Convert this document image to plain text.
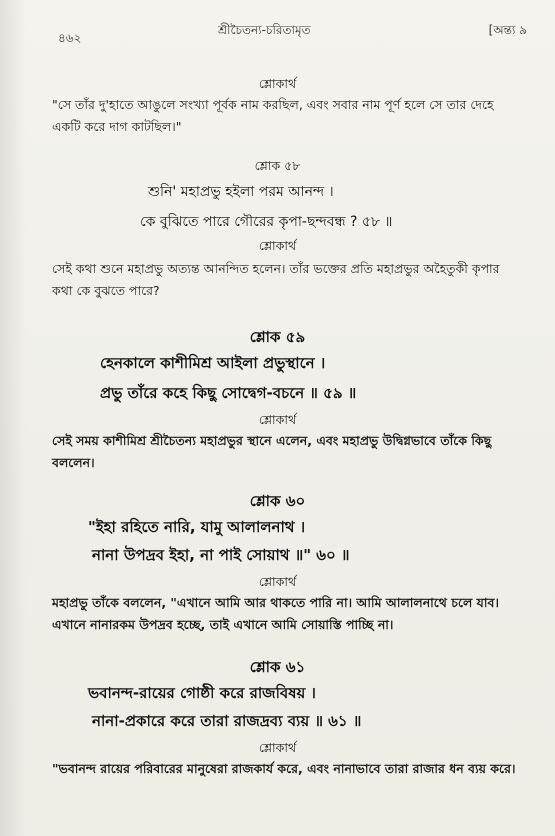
৪৬২
শ্রীচৈতন্য-চরিতামৃত	[অন্ত্য ৯
শ্লোকার্থ
"সে তাঁর দু'হাতে আঙুলে সংখ্যা পূর্বক নাম করছিল, এবং সবার নাম পূর্ণ হলে সে তার দেহে একটি করে দাগ কাটছিল।"
শ্লোক ৫৮
শুনি' মহাপ্রভু হইলা পরম আনন্দ ।
কে বুঝিতে পারে গৌরের কৃপা-ছন্দবন্ধ ? ৫৮ ॥
শ্লোকার্থ
সেই কথা শুনে মহাপ্রভু অত্যন্ত আনন্দিত হলেন। তাঁর ভক্তের প্রতি মহাপ্রভুর অহৈতুকী কৃপার কথা কে বুঝতে পারে?
শ্লোক ৫৯
হেনকালে কাশীমিশ্র আইলা প্রভুস্থানে ।
প্রভু তাঁরে কহে কিছু সোদ্বেগ-বচনে ॥ ৫৯ ॥
শ্লোকার্থ
সেই সময় কাশীমিশ্র শ্রীচৈতন্য মহাপ্রভুর স্থানে এলেন, এবং মহাপ্রভু উদ্বিগ্নভাবে তাঁকে কিছু বললেন।
শ্লোক ৬০
"ইহা রহিতে নারি, যামু আলালনাথ ।
নানা উপদ্রব ইহা, না পাই সোয়াথ ॥" ৬০ ॥
শ্লোকার্থ
মহাপ্রভু তাঁকে বললেন, "এখানে আমি আর থাকতে পারি না। আমি আলালনাথে চলে যাব। এখানে নানারকম উপদ্রব হচ্ছে, তাই এখানে আমি সোয়াস্তি পাচ্ছি না।
শ্লোক ৬১
ভবানন্দ-রায়ের গোষ্ঠী করে রাজবিষয় ।
নানা-প্রকারে করে তারা রাজদ্রব্য ব্যয় ॥ ৬১ ॥
শ্লোকার্থ
"ভবানন্দ রায়ের পরিবারের মানুষেরা রাজকার্য করে, এবং নানাভাবে তারা রাজার ধন ব্যয় করে।
